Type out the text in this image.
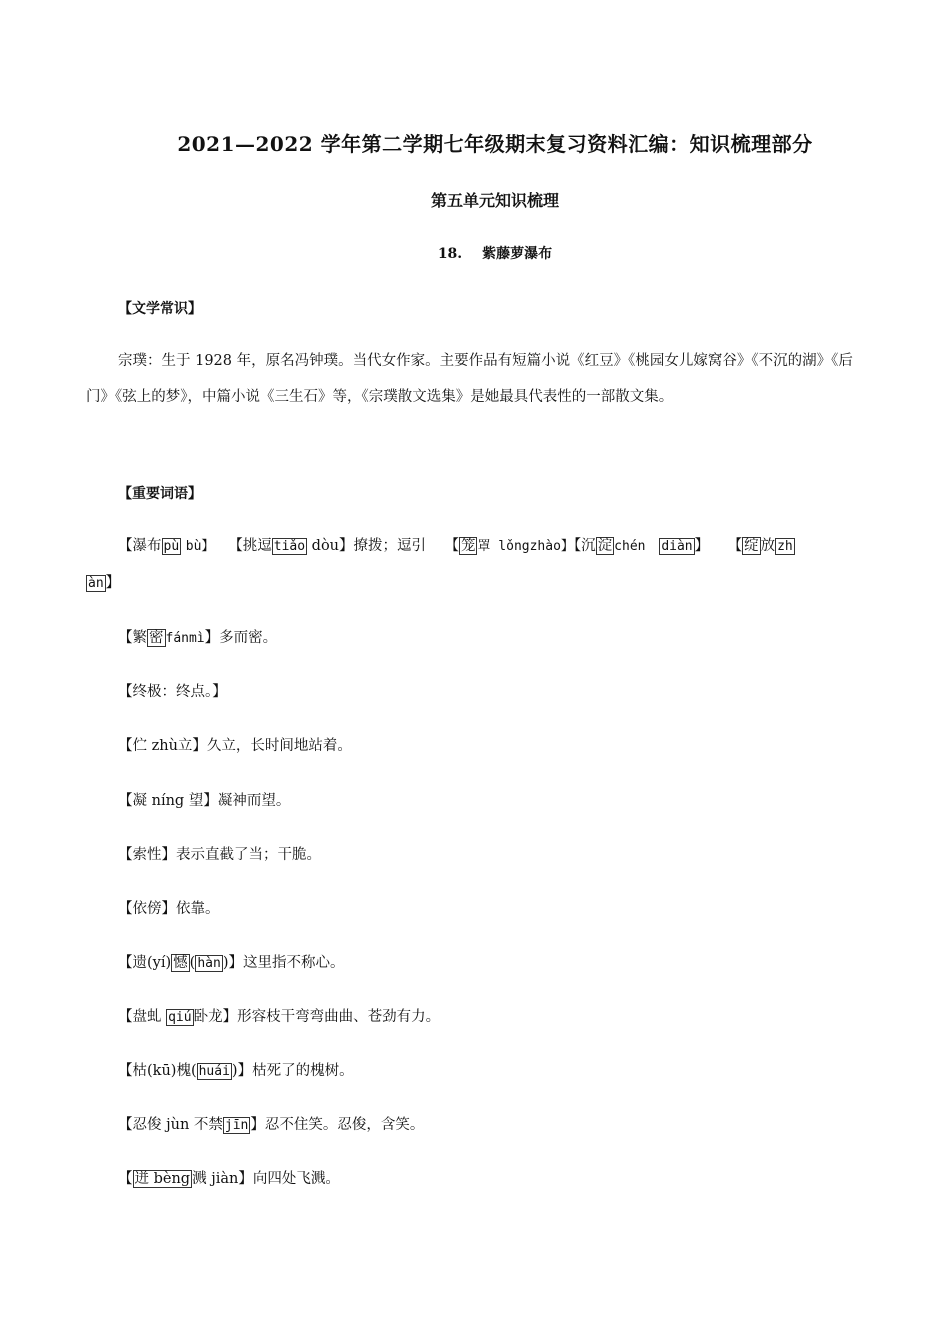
2021—2022 学年第二学期七年级期末复习资料汇编：知识梳理部分
第五单元知识梳理
18. 紫藤萝瀑布
【文学常识】
宗璞：生于 1928 年，原名冯钟璞。当代女作家。主要作品有短篇小说《红豆》《桃园女儿嫁窝谷》《不沉的湖》《后门》《弦上的梦》，中篇小说《三生石》等，《宗璞散文选集》是她最具代表性的一部散文集。
【重要词语】
【瀑布 pù bù】 【挑逗 tiǎo dòu】撩拨；逗引 【 笼 罩 lǒngzhào】【沉 淀 chén diàn 】 【 绽 放 zh
àn 】
【繁 密 fánmì】多而密。
【终极：终点。】
【伫 zhù立】久立，长时间地站着。
【凝 níng 望】凝神而望。
【索性】表示直截了当；干脆。
【依傍】依靠。
【遗(yí) 憾 ( hàn )】这里指不称心。
【盘虬 qiú 卧龙】形容枝干弯弯曲曲、苍劲有力。
【枯(kū)槐( huái )】枯死了的槐树。
【忍俊 jùn 不禁 jīn 】忍不住笑。忍俊，含笑。
【 迸 bèng 溅 jiàn】向四处飞溅。
